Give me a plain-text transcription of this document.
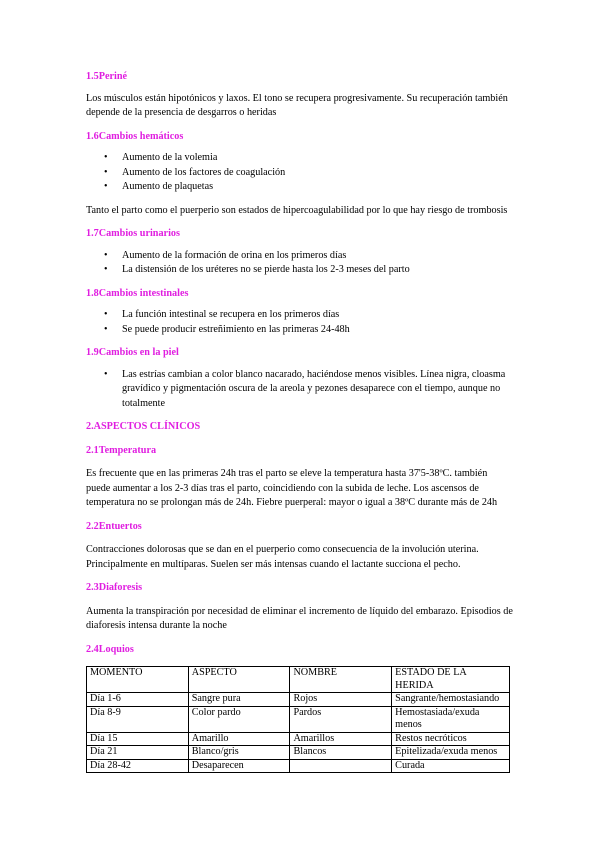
1.5Periné

Los músculos están hipotónicos y laxos. El tono se recupera progresivamente. Su recuperación también depende de la presencia de desgarros o heridas

1.6Cambios hemáticos
• Aumento de la volemia
• Aumento de los factores de coagulación
• Aumento de plaquetas

Tanto el parto como el puerperio son estados de hipercoagulabilidad por lo que hay riesgo de trombosis

1.7Cambios urinarios
• Aumento de la formación de orina en los primeros días
• La distensión de los uréteres no se pierde hasta los 2-3 meses del parto
1.8Cambios intestinales
• La función intestinal se recupera en los primeros días
• Se puede producir estreñimiento en las primeras 24-48h
1.9Cambios en la piel
• Las estrías cambian a color blanco nacarado, haciéndose menos visibles. Línea nigra, cloasma gravídico y pigmentación oscura de la areola y pezones desaparece con el tiempo, aunque no totalmente
2.ASPECTOS CLÍNICOS
2.1Temperatura

Es frecuente que en las primeras 24h tras el parto se eleve la temperatura hasta 37'5-38ºC. también puede aumentar a los 2-3 días tras el parto, coincidiendo con la subida de leche. Los ascensos de temperatura no se prolongan más de 24h. Fiebre puerperal: mayor o igual a 38ºC durante más de 24h

2.2Entuertos

Contracciones dolorosas que se dan en el puerperio como consecuencia de la involución uterina. Principalmente en multíparas. Suelen ser más intensas cuando el lactante succiona el pecho.

2.3Diaforesis

Aumenta la transpiración por necesidad de eliminar el incremento de líquido del embarazo. Episodios de diaforesis intensa durante la noche

2.4Loquios
MOMENTO	ASPECTO	NOMBRE	ESTADO DE LA HERIDA
Día 1-6	Sangre pura	Rojos	Sangrante/hemostasiando
Día 8-9	Color pardo	Pardos	Hemostasiada/exuda menos
Día 15	Amarillo	Amarillos	Restos necróticos
Día 21	Blanco/gris	Blancos	Epitelizada/exuda menos
Día 28-42	Desaparecen		Curada
